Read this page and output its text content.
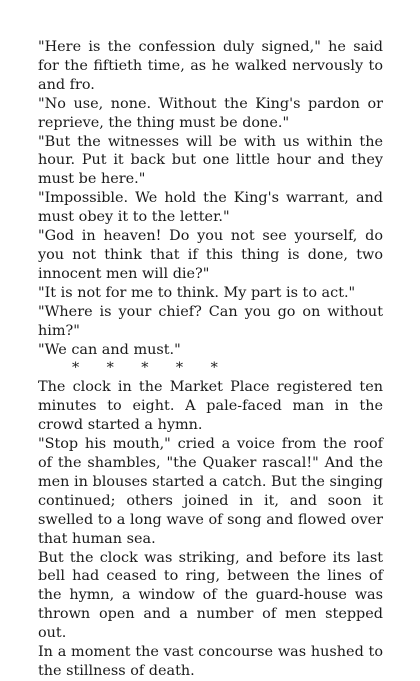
"Here is the confession duly signed," he said for the fiftieth time, as he walked nervously to and fro.

"No use, none. Without the King's pardon or reprieve, the thing must be done."

"But the witnesses will be with us within the hour. Put it back but one little hour and they must be here."

"Impossible. We hold the King's warrant, and must obey it to the letter."

"God in heaven! Do you not see yourself, do you not think that if this thing is done, two innocent men will die?"

"It is not for me to think. My part is to act."

"Where is your chief? Can you go on without him?"

"We can and must."

*      *      *      *      *

The clock in the Market Place registered ten minutes to eight. A pale-faced man in the crowd started a hymn.

"Stop his mouth," cried a voice from the roof of the shambles, "the Quaker rascal!" And the men in blouses started a catch. But the singing continued; others joined in it, and soon it swelled to a long wave of song and flowed over that human sea.

But the clock was striking, and before its last bell had ceased to ring, between the lines of the hymn, a window of the guard-house was thrown open and a number of men stepped out.

In a moment the vast concourse was hushed to the stillness of death.
